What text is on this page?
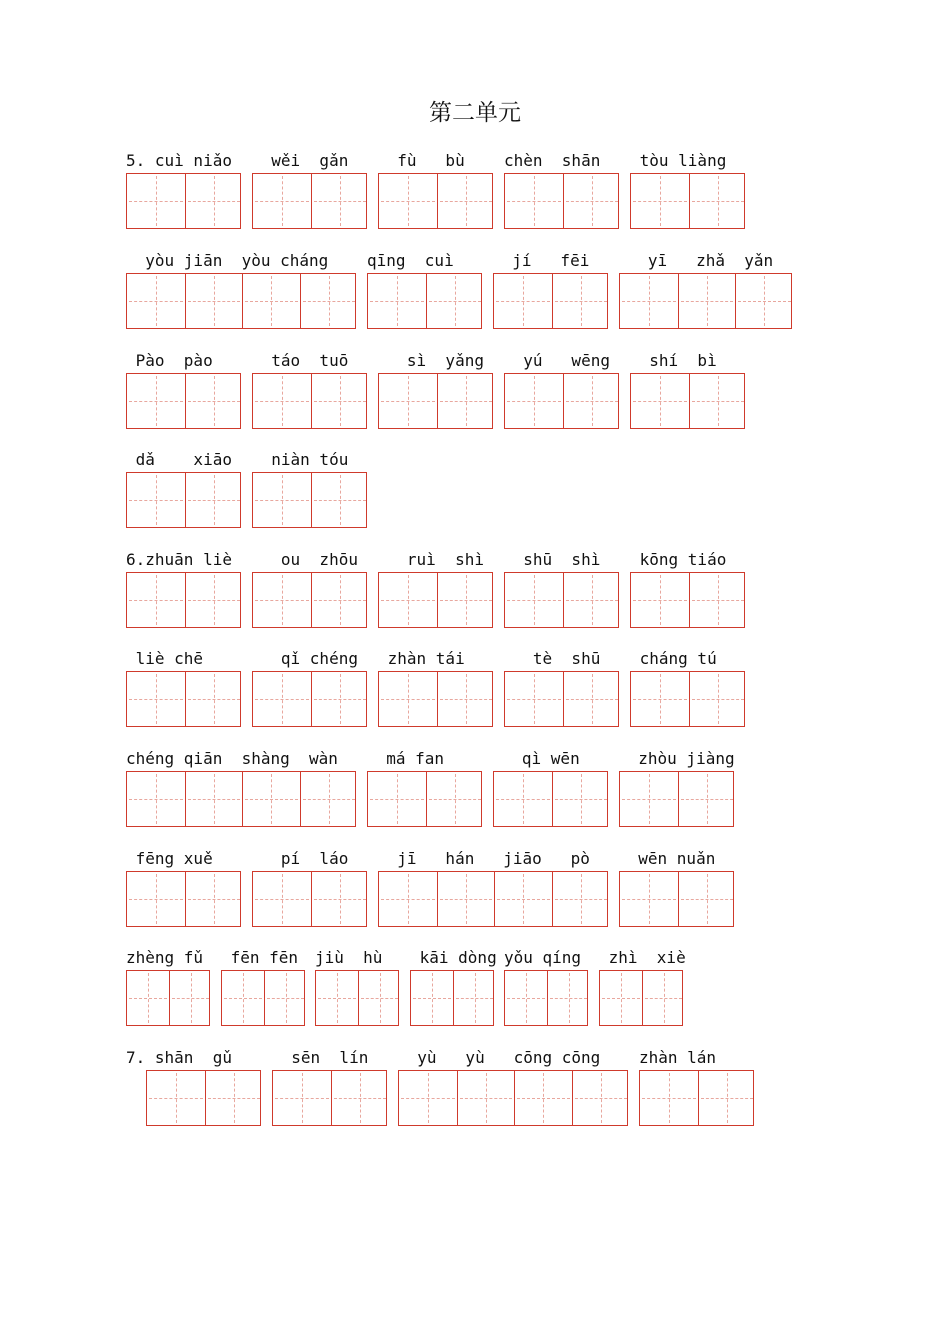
第二单元
5. cuì niǎo wěi  gǎn fù   bù chèn  shān tòu liàng
yòu jiān  yòu cháng qīng  cuì jí   fēi yī   zhǎ  yǎn
Pào  pào táo  tuō sì  yǎng yú   wēng shí  bì
dǎ    xiāo niàn tóu
6.zhuān liè ou  zhōu ruì  shì shū  shì kōng tiáo
liè chē	qǐ chéng zhàn tái tè  shū cháng tú
chéng qiān  shàng  wàn má fan	qì wēn zhòu jiàng
fēng xuě pí  láo jī   hán   jiāo   pò wēn nuǎn
zhèng fǔ fēn fēn jiù  hù kāi dòng yǒu qíng zhì  xiè
7. shān  gǔ	sēn  lín yù   yù   cōng cōng zhàn lán
